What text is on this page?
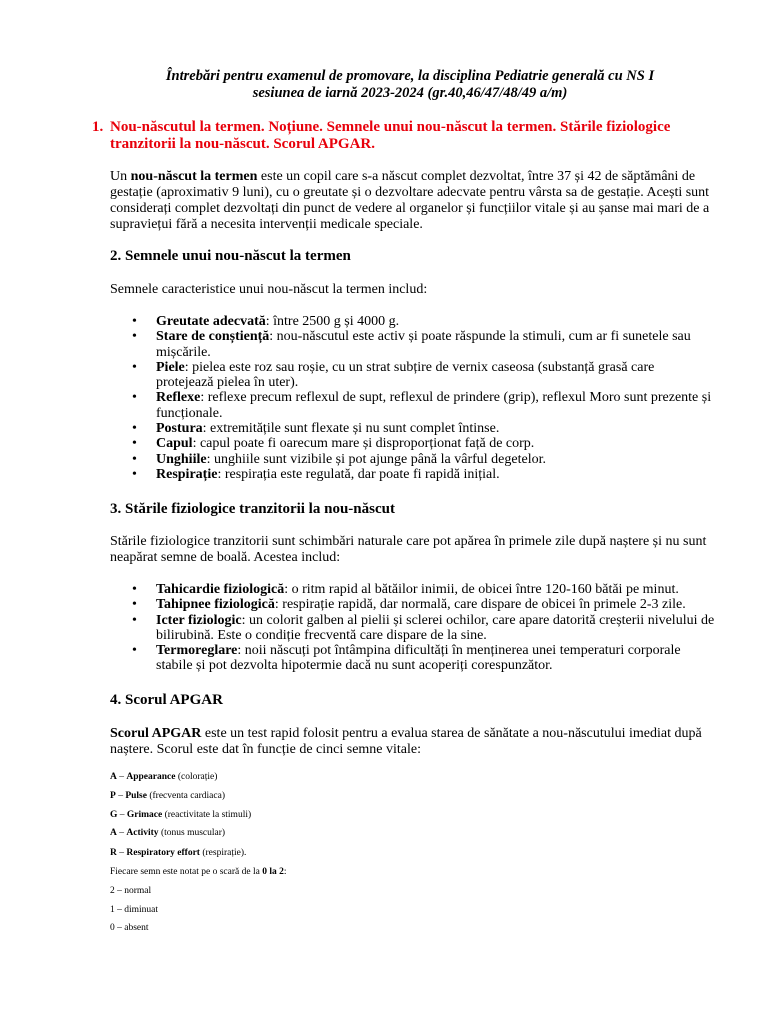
Întrebări pentru examenul de promovare, la disciplina Pediatrie generală cu NS I
sesiunea de iarnă 2023-2024 (gr.40,46/47/48/49 a/m)
1. Nou-născutul la termen. Noțiune. Semnele unui nou-născut la termen. Stările fiziologice tranzitorii la nou-născut. Scorul APGAR.
Un nou-născut la termen este un copil care s-a născut complet dezvoltat, între 37 și 42 de săptămâni de gestație (aproximativ 9 luni), cu o greutate și o dezvoltare adecvate pentru vârsta sa de gestație. Acești sunt considerați complet dezvoltați din punct de vedere al organelor și funcțiilor vitale și au șanse mai mari de a supraviețui fără a necesita intervenții medicale speciale.
2. Semnele unui nou-născut la termen
Semnele caracteristice unui nou-născut la termen includ:
• Greutate adecvată: între 2500 g și 4000 g.
• Stare de conștiență: nou-născutul este activ și poate răspunde la stimuli, cum ar fi sunetele sau mișcările.
• Piele: pielea este roz sau roșie, cu un strat subțire de vernix caseosa (substanță grasă care protejează pielea în uter).
• Reflexe: reflexe precum reflexul de supt, reflexul de prindere (grip), reflexul Moro sunt prezente și funcționale.
• Postura: extremitățile sunt flexate și nu sunt complet întinse.
• Capul: capul poate fi oarecum mare și disproporționat față de corp.
• Unghiile: unghiile sunt vizibile și pot ajunge până la vârful degetelor.
• Respirație: respirația este regulată, dar poate fi rapidă inițial.
3. Stările fiziologice tranzitorii la nou-născut
Stările fiziologice tranzitorii sunt schimbări naturale care pot apărea în primele zile după naștere și nu sunt neapărat semne de boală. Acestea includ:
• Tahicardie fiziologică: o ritm rapid al bătăilor inimii, de obicei între 120-160 bătăi pe minut.
• Tahipnee fiziologică: respirație rapidă, dar normală, care dispare de obicei în primele 2-3 zile.
• Icter fiziologic: un colorit galben al pielii și sclerei ochilor, care apare datorită creșterii nivelului de bilirubină. Este o condiție frecventă care dispare de la sine.
• Termoreglare: noii născuți pot întâmpina dificultăți în menținerea unei temperaturi corporale stabile și pot dezvolta hipotermie dacă nu sunt acoperiți corespunzător.
4. Scorul APGAR
Scorul APGAR este un test rapid folosit pentru a evalua starea de sănătate a nou-născutului imediat după naștere. Scorul este dat în funcție de cinci semne vitale:
A – Appearance (colorație)
P – Pulse (frecventa cardiaca)
G – Grimace (reactivitate la stimuli)
A – Activity (tonus muscular)
R – Respiratory effort (respirație).
Fiecare semn este notat pe o scară de la 0 la 2:
2 – normal
1 – diminuat
0 – absent
